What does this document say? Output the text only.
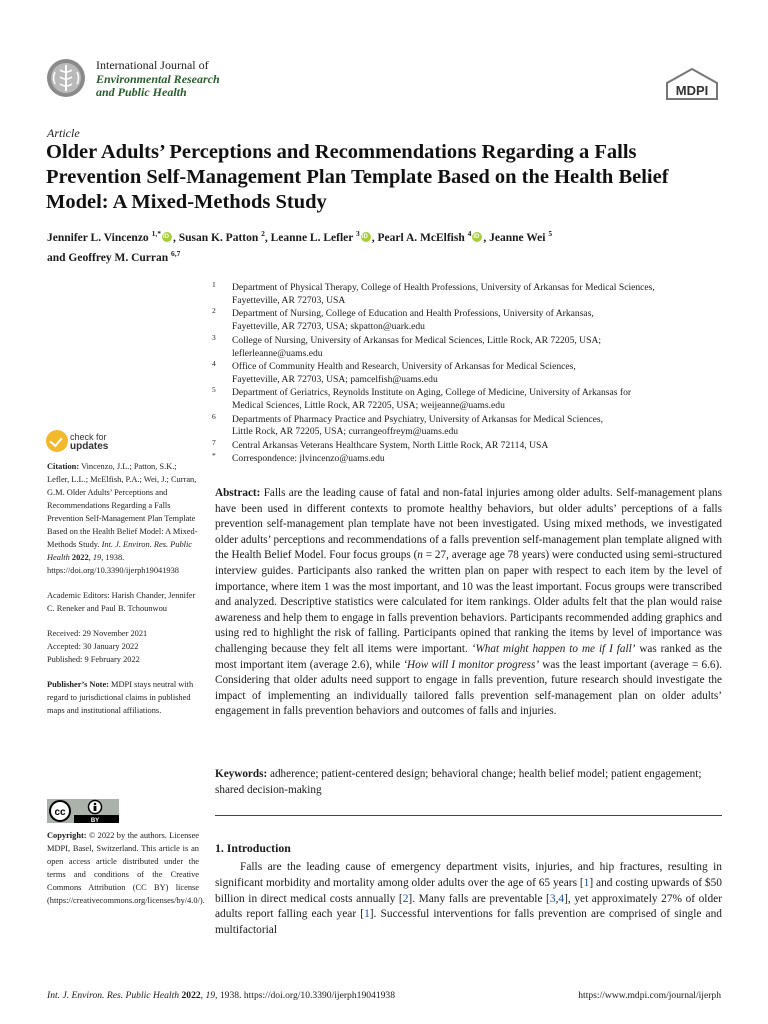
International Journal of
Environmental Research
and Public Health	MDPI
Article
Older Adults’ Perceptions and Recommendations Regarding a Falls Prevention Self-Management Plan Template Based on the Health Belief Model: A Mixed-Methods Study
Jennifer L. Vincenzo $^{1,*}$ iD , Susan K. Patton $^2$, Leanne L. Lefler $^3$ iD , Pearl A. McElfish $^4$ iD , Jeanne Wei $^5$
and Geoffrey M. Curran $^{6,7}$
1 Department of Physical Therapy, College of Health Professions, University of Arkansas for Medical Sciences,
Fayetteville, AR 72703, USA
2 Department of Nursing, College of Education and Health Professions, University of Arkansas,
Fayetteville, AR 72703, USA; skpatton@uark.edu
3 College of Nursing, University of Arkansas for Medical Sciences, Little Rock, AR 72205, USA;
leflerleanne@uams.edu
4 Office of Community Health and Research, University of Arkansas for Medical Sciences,
Fayetteville, AR 72703, USA; pamcelfish@uams.edu
5 Department of Geriatrics, Reynolds Institute on Aging, College of Medicine, University of Arkansas for
Medical Sciences, Little Rock, AR 72205, USA; weijeanne@uams.edu
6 Departments of Pharmacy Practice and Psychiatry, University of Arkansas for Medical Sciences,
Little Rock, AR 72205, USA; currangeoffreym@uams.edu
7 Central Arkansas Veterans Healthcare System, North Little Rock, AR 72114, USA
* Correspondence: jlvincenzo@uams.edu
check for
updates
Citation: Vincenzo, J.L.; Patton, S.K.; Lefler, L.L.; McElfish, P.A.; Wei, J.; Curran, G.M. Older Adults’ Perceptions and Recommendations Regarding a Falls Prevention Self-Management Plan Template Based on the Health Belief Model: A Mixed-Methods Study. Int. J. Environ. Res. Public Health 2022, 19, 1938. https://doi.org/10.3390/ijerph19041938
Academic Editors: Harish Chander, Jennifer C. Reneker and Paul B. Tchounwou
Received: 29 November 2021
Accepted: 30 January 2022
Published: 9 February 2022
Publisher’s Note: MDPI stays neutral with regard to jurisdictional claims in published maps and institutional affiliations.
cc
BY
Copyright: © 2022 by the authors. Licensee MDPI, Basel, Switzerland. This article is an open access article distributed under the terms and conditions of the Creative Commons Attribution (CC BY) license (https://creativecommons.org/licenses/by/4.0/).
Abstract: Falls are the leading cause of fatal and non-fatal injuries among older adults. Self-management plans have been used in different contexts to promote healthy behaviors, but older adults’ perceptions of a falls prevention self-management plan template have not been investigated. Using mixed methods, we investigated older adults’ perceptions and recommendations of a falls prevention self-management plan template aligned with the Health Belief Model. Four focus groups (n = 27, average age 78 years) were conducted using semi-structured interview guides. Participants also ranked the written plan on paper with respect to each item by the level of importance, where item 1 was the most important, and 10 was the least important. Focus groups were transcribed and analyzed. Descriptive statistics were calculated for item rankings. Older adults felt that the plan would raise awareness and help them to engage in falls prevention behaviors. Participants recommended adding graphics and using red to highlight the risk of falling. Participants opined that ranking the items by level of importance was challenging because they felt all items were important. ‘What might happen to me if I fall’ was ranked as the most important item (average 2.6), while ‘How will I monitor progress’ was the least important (average = 6.6). Considering that older adults need support to engage in falls prevention, future research should investigate the impact of implementing an individually tailored falls prevention self-management plan on older adults’ engagement in falls prevention behaviors and outcomes of falls and injuries.
Keywords: adherence; patient-centered design; behavioral change; health belief model; patient engagement; shared decision-making
1. Introduction
Falls are the leading cause of emergency department visits, injuries, and hip fractures, resulting in significant morbidity and mortality among older adults over the age of 65 years [1] and costing upwards of $50 billion in direct medical costs annually [2]. Many falls are preventable [3,4], yet approximately 27% of older adults report falling each year [1]. Successful interventions for falls prevention are comprised of single and multifactorial
Int. J. Environ. Res. Public Health 2022, 19, 1938. https://doi.org/10.3390/ijerph19041938	https://www.mdpi.com/journal/ijerph
